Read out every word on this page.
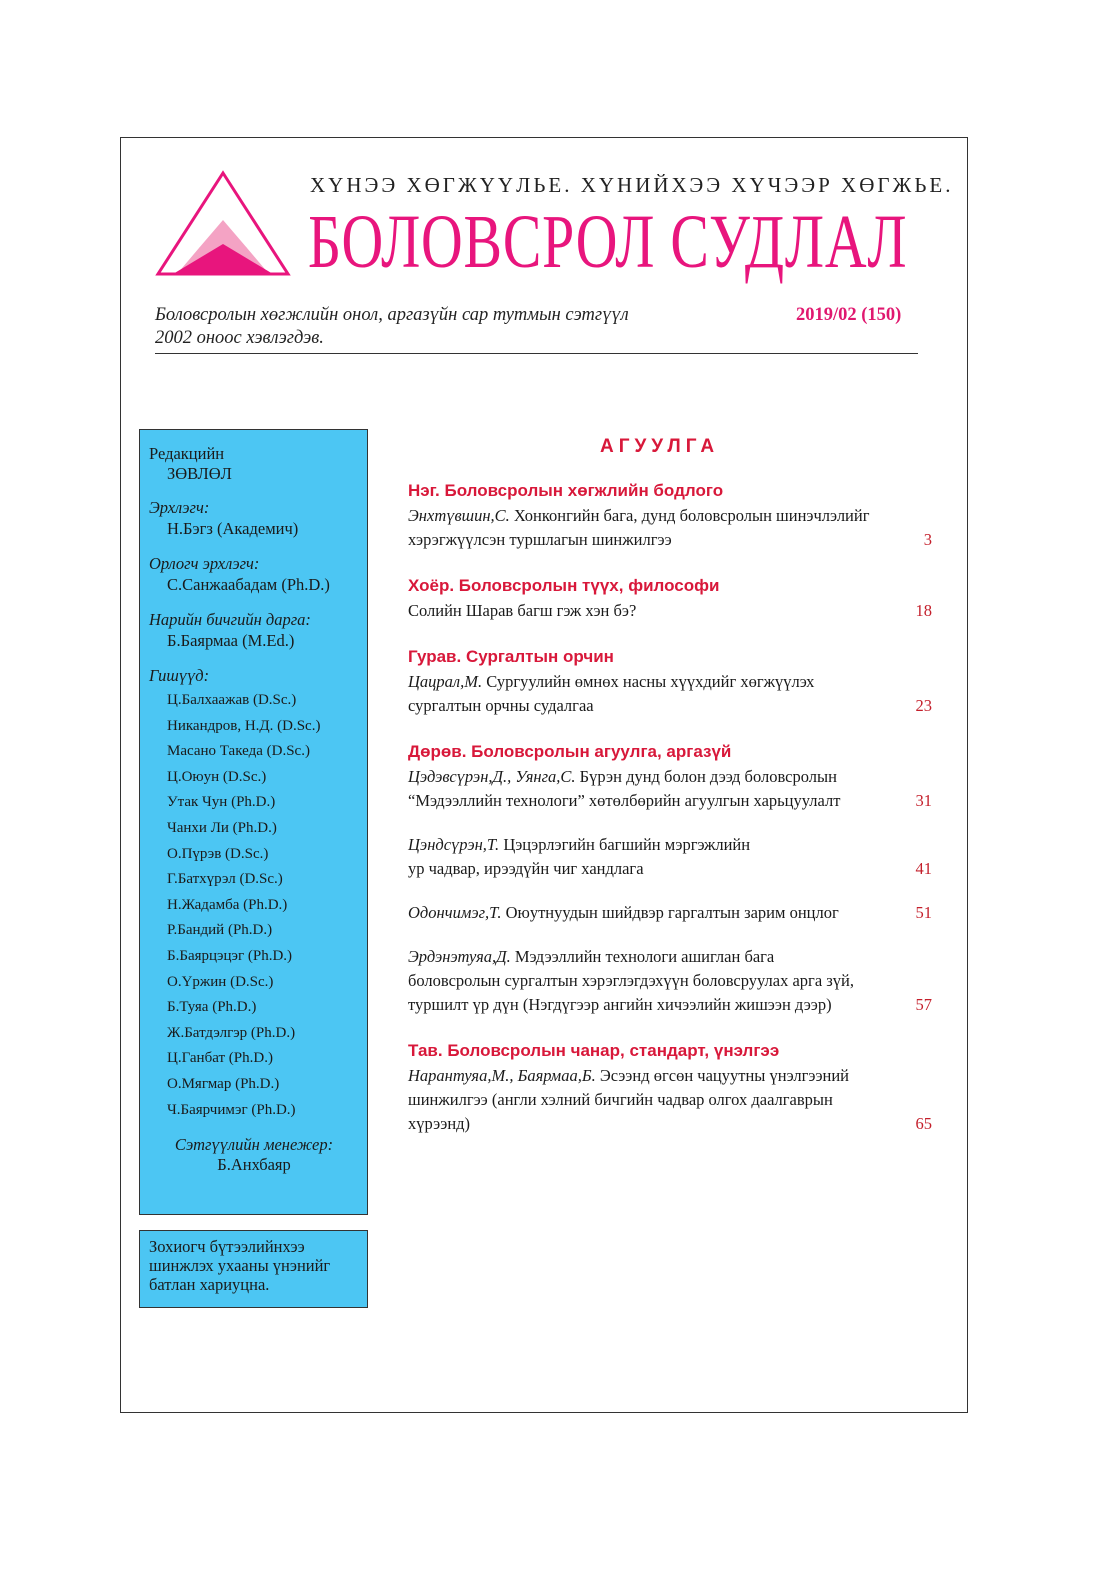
ХҮНЭЭ ХӨГЖҮҮЛЬЕ. ХҮНИЙХЭЭ ХҮЧЭЭР ХӨГЖЬЕ.
БОЛОВСРОЛ СУДЛАЛ
Боловсролын хөгжлийн онол, аргазүйн сар тутмын сэтгүүл
2002 оноос хэвлэгдэв.
2019/02 (150)
Редакцийн
ЗӨВЛӨЛ
Эрхлэгч:
Н.Бэгз (Академич)
Орлогч эрхлэгч:
С.Санжаабадам (Ph.D.)
Нарийн бичгийн дарга:
Б.Баярмаа (M.Ed.)
Гишүүд:
Ц.Балхаажав (D.Sc.)
Никандров, Н.Д. (D.Sc.)
Масано Такеда (D.Sc.)
Ц.Оюун (D.Sc.)
Утак Чун (Ph.D.)
Чанхи Ли (Ph.D.)
О.Пүрэв (D.Sc.)
Г.Батхүрэл (D.Sc.)
Н.Жадамба (Ph.D.)
Р.Бандий (Ph.D.)
Б.Баярцэцэг (Ph.D.)
О.Үржин (D.Sc.)
Б.Туяа (Ph.D.)
Ж.Батдэлгэр (Ph.D.)
Ц.Ганбат (Ph.D.)
О.Мягмар (Ph.D.)
Ч.Баярчимэг (Ph.D.)
Сэтгүүлийн менежер:
Б.Анхбаяр
Зохиогч бүтээлийнхээ
шинжлэх ухааны үнэнийг
батлан хариуцна.
АГУУЛГА
Нэг. Боловсролын хөгжлийн бодлого
Энхтүвшин,С. Хонконгийн бага, дунд боловсролын шинэчлэлийг
хэрэгжүүлсэн туршлагын шинжилгээ	3
Хоёр. Боловсролын түүх, философи
Солийн Шарав багш гэж хэн бэ?	18
Гурав. Сургалтын орчин
Цацрал,М. Сургуулийн өмнөх насны хүүхдийг хөгжүүлэх
сургалтын орчны судалгаа	23
Дөрөв. Боловсролын агуулга, аргазүй
Цэдэвсүрэн,Д., Уянга,С. Бүрэн дунд болон дээд боловсролын
“Мэдээллийн технологи” хөтөлбөрийн агуулгын харьцуулалт	31
Цэндсүрэн,Т. Цэцэрлэгийн багшийн мэргэжлийн
ур чадвар, ирээдүйн чиг хандлага	41
Одончимэг,Т. Оюутнуудын шийдвэр гаргалтын зарим онцлог	51
Эрдэнэтуяа,Д. Мэдээллийн технологи ашиглан бага
боловсролын сургалтын хэрэглэгдэхүүн боловсруулах арга зүй,
туршилт үр дүн (Нэгдүгээр ангийн хичээлийн жишээн дээр)	57
Тав. Боловсролын чанар, стандарт, үнэлгээ
Нарантуяа,М., Баярмаа,Б. Эсээнд өгсөн чацуутны үнэлгээний
шинжилгээ (англи хэлний бичгийн чадвар олгох даалгаврын
хүрээнд)	65
